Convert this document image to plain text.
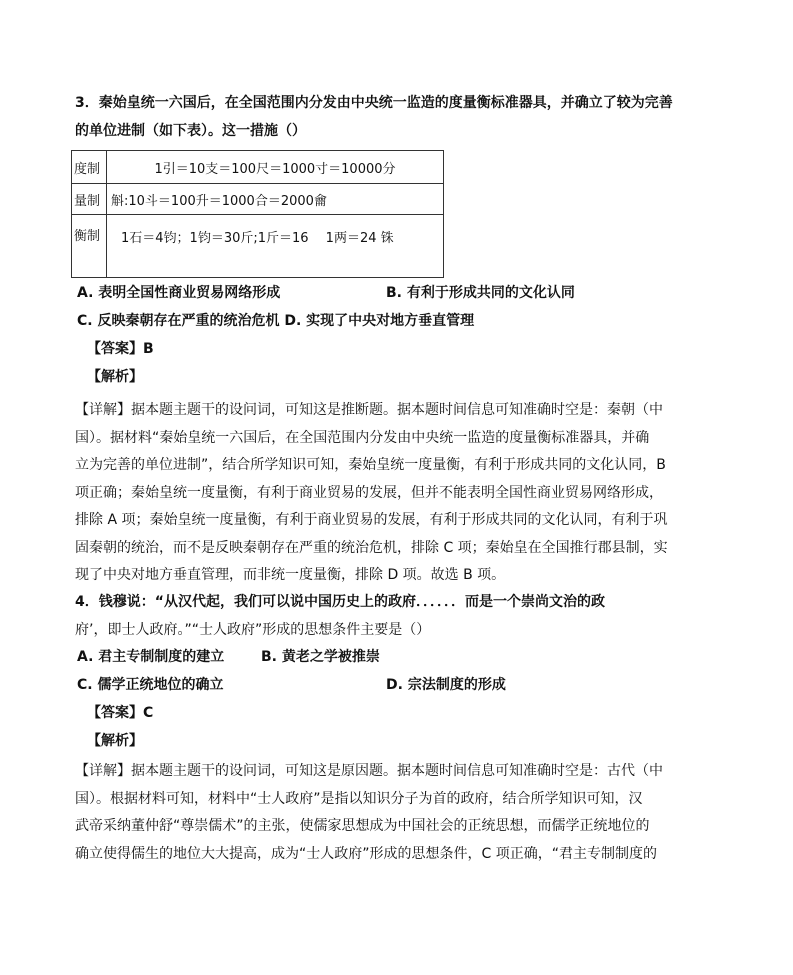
3．秦始皇统一六国后，在全国范围内分发由中央统一监造的度量衡标准器具，并确立了较为完善
的单位进制（如下表）。这一措施（）
度制	1引＝10支＝100尺＝1000寸＝10000分
量制	斛:10斗＝100升＝1000合＝2000龠
衡制	1石＝4钧；1钧＝30斤;1斤＝16　 1两＝24 铢
A. 表明全国性商业贸易网络形成	B. 有利于形成共同的文化认同
C. 反映秦朝存在严重的统治危机 D. 实现了中央对地方垂直管理
【答案】B
【解析】
【详解】据本题主题干的设问词，可知这是推断题。据本题时间信息可知准确时空是：秦朝（中
国）。据材料“秦始皇统一六国后，在全国范围内分发由中央统一监造的度量衡标准器具，并确
立为完善的单位进制”，结合所学知识可知，秦始皇统一度量衡，有利于形成共同的文化认同，B
项正确；秦始皇统一度量衡，有利于商业贸易的发展，但并不能表明全国性商业贸易网络形成，
排除 A 项；秦始皇统一度量衡，有利于商业贸易的发展，有利于形成共同的文化认同，有利于巩
固秦朝的统治，而不是反映秦朝存在严重的统治危机，排除 C 项；秦始皇在全国推行郡县制，实
现了中央对地方垂直管理，而非统一度量衡，排除 D 项。故选 B 项。
4．钱穆说：“从汉代起，我们可以说中国历史上的政府．．．．．．而是一个崇尚文治的政
府’，即士人政府。”“士人政府”形成的思想条件主要是（）
A. 君主专制制度的建立	B. 黄老之学被推崇
C. 儒学正统地位的确立	D. 宗法制度的形成
【答案】C
【解析】
【详解】据本题主题干的设问词，可知这是原因题。据本题时间信息可知准确时空是：古代（中
国）。根据材料可知，材料中“士人政府”是指以知识分子为首的政府，结合所学知识可知，汉
武帝采纳董仲舒“尊崇儒术”的主张，使儒家思想成为中国社会的正统思想，而儒学正统地位的
确立使得儒生的地位大大提高，成为“士人政府”形成的思想条件，C 项正确，“君主专制制度的
